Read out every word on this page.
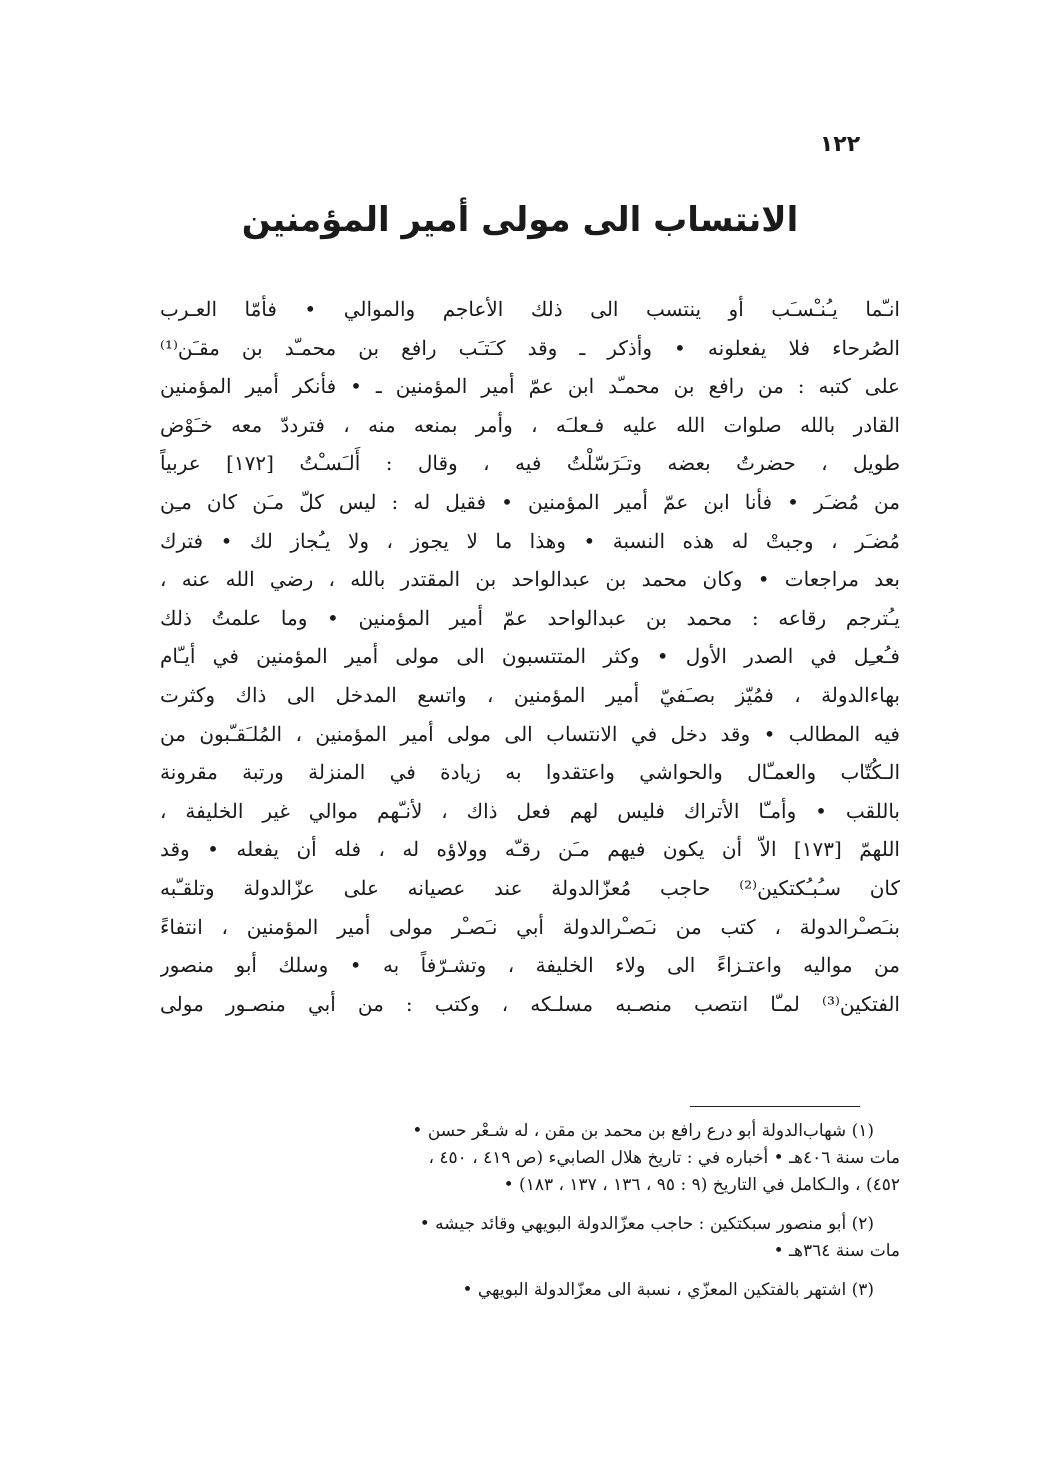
١٢٢
الانتساب الى مولى أمير المؤمنين
انـّما يـُنـْسـَب أو ينتسب الى ذلك الأعاجم والموالي • فأمّا العـرب
الصُرحاء فلا يفعلونه • وأذكر ـ وقد كـَتـَب رافع بن محمـّد بن مقـَن⁽¹⁾
على كتبه : من رافع بن محمـّد ابن عمّ أمير المؤمنين ـ • فأنكر أمير المؤمنين
القادر بالله صلوات الله عليه فـعلـَه ، وأمر بمنعه منه ، فترددّ معه خـَوْض
طويل ، حضرتُ بعضه وتـَرَسّلْتُ فيه ، وقال : أَلـَسـْتُ [١٧٢] عربياً
من مُضـَر • فأنا ابن عمّ أمير المؤمنين • فقيل له : ليس كلّ مـَن كان مـِن
مُضـَر ، وجبتْ له هذه النسبة • وهذا ما لا يجوز ، ولا يـُجاز لك • فترك
بعد مراجعات • وكان محمد بن عبدالواحد بن المقتدر بالله ، رضي الله عنه ،
يـُترجم رقاعه : محمد بن عبدالواحد عمّ أمير المؤمنين • وما علمتُ ذلك
فـُعـِل في الصدر الأول • وكثر المتتسبون الى مولى أمير المؤمنين في أيـّام
بهاءالدولة ، فمُيّز بصـَفيّ أمير المؤمنين ، واتسع المدخل الى ذاك وكثرت
فيه المطالب • وقد دخل في الانتساب الى مولى أمير المؤمنين ، المُلـَقـّبون من
الـكُتّاب والعمـّال والحواشي واعتقدوا به زيادة في المنزلة ورتبة مقرونة
باللقب • وأمـّا الأتراك فليس لهم فعل ذاك ، لأنـّهم موالي غير الخليفة ،
اللهمّ [١٧٣] الاّ أن يكون فيهم مـَن رقـّه وولاؤه له ، فله أن يفعله • وقد
كان سـُبـُكتكين⁽²⁾ حاجب مُعزّالدولة عند عصيانه على عزّالدولة وتلقـّبه
بنـَصـْرالدولة ، كتب من نـَصـْرالدولة أبي نـَصـْر مولى أمير المؤمنين ، انتفاءً
من مواليه واعتـزاءً الى ولاء الخليفة ، وتشـرّفاً به • وسلك أبو منصور
الفتكين⁽³⁾ لمـّا انتصب منصـبه مسلـكه ، وكتب : من أبي منصـور مولى
(١) شهاب‌الدولة أبو درع رافع بن محمد بن مقن ، له شـعْر حسن •
مات سنة ٤٠٦هـ • أخباره في : تاريخ هلال الصابيء (ص ٤١٩ ، ٤٥٠ ،
٤٥٢) ، والـكامل في التاريخ (٩ : ٩٥ ، ١٣٦ ، ١٣٧ ، ١٨٣) •
(٢) أبو منصور سبكتكين : حاجب معزّالدولة البويهي وقائد جيشه •
مات سنة ٣٦٤هـ •
(٣) اشتهر بالفتكين المعزّي ، نسبة الى معزّالدولة البويهي •
